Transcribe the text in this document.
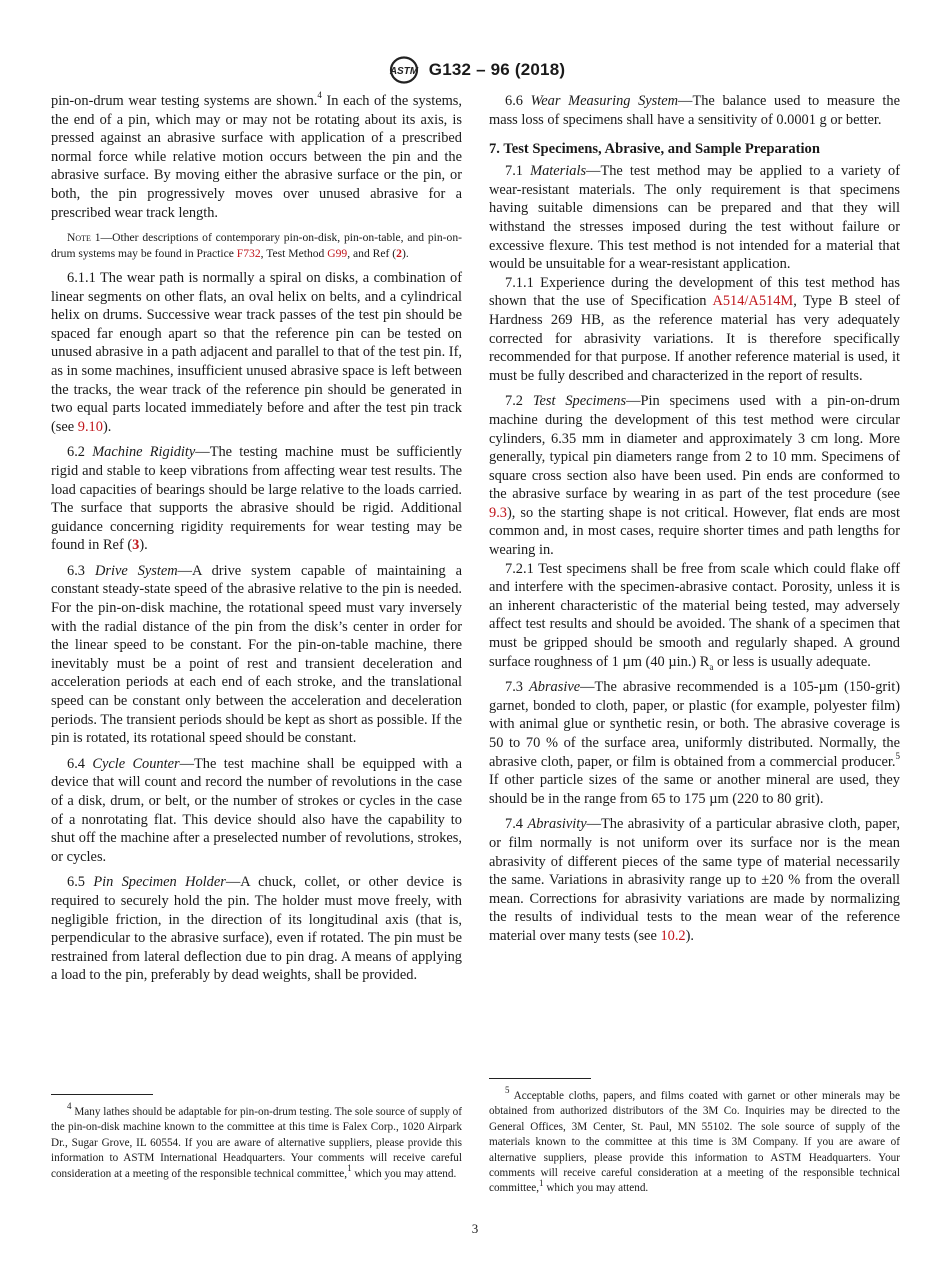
ASTM G132 – 96 (2018)

pin-on-drum wear testing systems are shown.$^4$ In each of the systems, the end of a pin, which may or may not be rotating about its axis, is pressed against an abrasive surface with application of a prescribed normal force while relative motion occurs between the pin and the abrasive surface. By moving either the abrasive surface or the pin, or both, the pin progressively moves over unused abrasive for a prescribed wear track length.

Note 1—Other descriptions of contemporary pin-on-disk, pin-on-table, and pin-on-drum systems may be found in Practice F732, Test Method G99, and Ref (2).

6.1.1 The wear path is normally a spiral on disks, a combination of linear segments on other flats, an oval helix on belts, and a cylindrical helix on drums. Successive wear track passes of the test pin should be spaced far enough apart so that the reference pin can be tested on unused abrasive in a path adjacent and parallel to that of the test pin. If, as in some machines, insufficient unused abrasive space is left between the tracks, the wear track of the reference pin should be generated in two equal parts located immediately before and after the test pin track (see 9.10).

6.2 Machine Rigidity—The testing machine must be sufficiently rigid and stable to keep vibrations from affecting wear test results. The load capacities of bearings should be large relative to the loads carried. The surface that supports the abrasive should be rigid. Additional guidance concerning rigidity requirements for wear testing may be found in Ref (3).

6.3 Drive System—A drive system capable of maintaining a constant steady-state speed of the abrasive relative to the pin is needed. For the pin-on-disk machine, the rotational speed must vary inversely with the radial distance of the pin from the disk’s center in order for the linear speed to be constant. For the pin-on-table machine, there inevitably must be a point of rest and transient deceleration and acceleration periods at each end of each stroke, and the translational speed can be constant only between the acceleration and deceleration periods. The transient periods should be kept as short as possible. If the pin is rotated, its rotational speed should be constant.

6.4 Cycle Counter—The test machine shall be equipped with a device that will count and record the number of revolutions in the case of a disk, drum, or belt, or the number of strokes or cycles in the case of a nonrotating flat. This device should also have the capability to shut off the machine after a preselected number of revolutions, strokes, or cycles.

6.5 Pin Specimen Holder—A chuck, collet, or other device is required to securely hold the pin. The holder must move freely, with negligible friction, in the direction of its longitudinal axis (that is, perpendicular to the abrasive surface), even if rotated. The pin must be restrained from lateral deflection due to pin drag. A means of applying a load to the pin, preferably by dead weights, shall be provided.

$^4$ Many lathes should be adaptable for pin-on-drum testing. The sole source of supply of the pin-on-disk machine known to the committee at this time is Falex Corp., 1020 Airpark Dr., Sugar Grove, IL 60554. If you are aware of alternative suppliers, please provide this information to ASTM International Headquarters. Your comments will receive careful consideration at a meeting of the responsible technical committee,$^1$ which you may attend.

6.6 Wear Measuring System—The balance used to measure the mass loss of specimens shall have a sensitivity of 0.0001 g or better.

7. Test Specimens, Abrasive, and Sample Preparation

7.1 Materials—The test method may be applied to a variety of wear-resistant materials. The only requirement is that specimens having suitable dimensions can be prepared and that they will withstand the stresses imposed during the test without failure or excessive flexure. This test method is not intended for a material that would be unsuitable for a wear-resistant application.

7.1.1 Experience during the development of this test method has shown that the use of Specification A514/A514M, Type B steel of Hardness 269 HB, as the reference material has very adequately corrected for abrasivity variations. It is therefore specifically recommended for that purpose. If another reference material is used, it must be fully described and characterized in the report of results.

7.2 Test Specimens—Pin specimens used with a pin-on-drum machine during the development of this test method were circular cylinders, 6.35 mm in diameter and approximately 3 cm long. More generally, typical pin diameters range from 2 to 10 mm. Specimens of square cross section also have been used. Pin ends are conformed to the abrasive surface by wearing in as part of the test procedure (see 9.3), so the starting shape is not critical. However, flat ends are most common and, in most cases, require shorter times and path lengths for wearing in.

7.2.1 Test specimens shall be free from scale which could flake off and interfere with the specimen-abrasive contact. Porosity, unless it is an inherent characteristic of the material being tested, may adversely affect test results and should be avoided. The shank of a specimen that must be gripped should be smooth and regularly shaped. A ground surface roughness of 1 µm (40 µin.) $R_a$ or less is usually adequate.

7.3 Abrasive—The abrasive recommended is a 105-µm (150-grit) garnet, bonded to cloth, paper, or plastic (for example, polyester film) with animal glue or synthetic resin, or both. The abrasive coverage is 50 to 70 % of the surface area, uniformly distributed. Normally, the abrasive cloth, paper, or film is obtained from a commercial producer.$^5$ If other particle sizes of the same or another mineral are used, they should be in the range from 65 to 175 µm (220 to 80 grit).

7.4 Abrasivity—The abrasivity of a particular abrasive cloth, paper, or film normally is not uniform over its surface nor is the mean abrasivity of different pieces of the same type of material necessarily the same. Variations in abrasivity range up to ±20 % from the overall mean. Corrections for abrasivity variations are made by normalizing the results of individual tests to the mean wear of the reference material over many tests (see 10.2).

$^5$ Acceptable cloths, papers, and films coated with garnet or other minerals may be obtained from authorized distributors of the 3M Co. Inquiries may be directed to the General Offices, 3M Center, St. Paul, MN 55102. The sole source of supply of the materials known to the committee at this time is 3M Company. If you are aware of alternative suppliers, please provide this information to ASTM Headquarters. Your comments will receive careful consideration at a meeting of the responsible technical committee,$^1$ which you may attend.

3
